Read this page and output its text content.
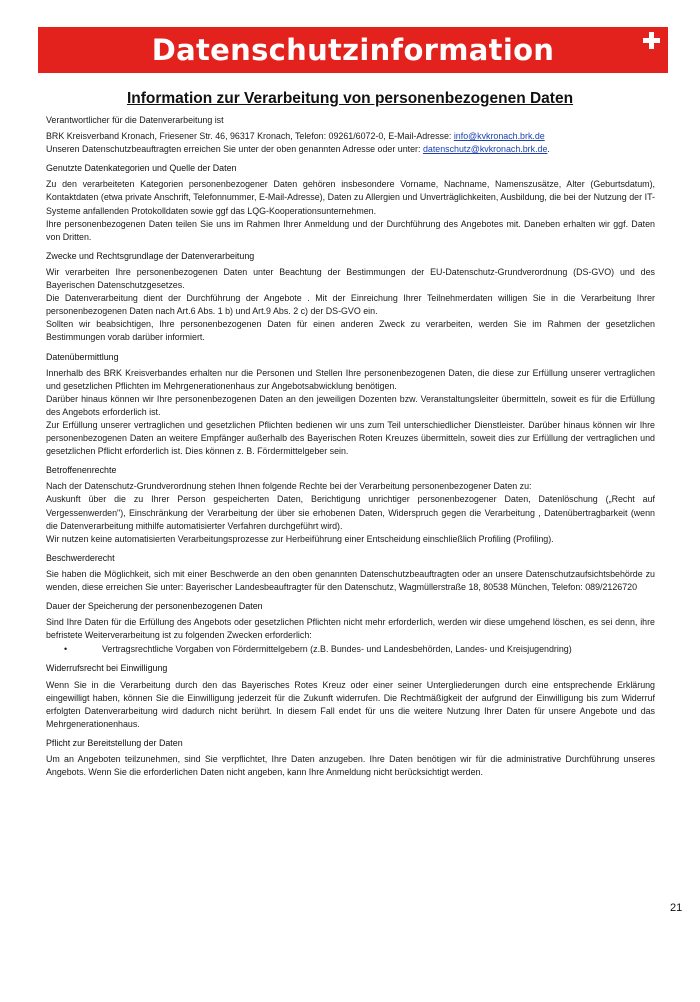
Datenschutzinformation
Information zur Verarbeitung von personenbezogenen Daten

Verantwortlicher für die Datenverarbeitung ist

BRK Kreisverband Kronach, Friesener Str. 46, 96317 Kronach, Telefon: 09261/6072-0, E-Mail-Adresse: info@kvkronach.brk.de

Unseren Datenschutzbeauftragten erreichen Sie unter der oben genannten Adresse oder unter: datenschutz@kvkronach.brk.de.

Genutzte Datenkategorien und Quelle der Daten

Zu den verarbeiteten Kategorien personenbezogener Daten gehören insbesondere Vorname, Nachname, Namenszusätze, Alter (Geburtsdatum), Kontaktdaten (etwa private Anschrift, Telefonnummer, E-Mail-Adresse), Daten zu Allergien und Unverträglichkeiten, Ausbildung, die bei der Nutzung der IT-Systeme anfallenden Protokolldaten sowie ggf das LQG-Kooperationsunternehmen.

Ihre personenbezogenen Daten teilen Sie uns im Rahmen Ihrer Anmeldung und der Durchführung des Angebotes mit. Daneben erhalten wir ggf. Daten von Dritten.

Zwecke und Rechtsgrundlage der Datenverarbeitung

Wir verarbeiten Ihre personenbezogenen Daten unter Beachtung der Bestimmungen der EU-Datenschutz-Grundverordnung (DS-GVO) und des Bayerischen Datenschutzgesetzes.

Die Datenverarbeitung dient der Durchführung der Angebote . Mit der Einreichung Ihrer Teilnehmerdaten willigen Sie in die Verarbeitung Ihrer personenbezogenen Daten nach Art.6 Abs. 1 b) und Art.9 Abs. 2 c) der DS-GVO ein.

Sollten wir beabsichtigen, Ihre personenbezogenen Daten für einen anderen Zweck zu verarbeiten, werden Sie im Rahmen der gesetzlichen Bestimmungen vorab darüber informiert.

Datenübermittlung

Innerhalb des BRK Kreisverbandes erhalten nur die Personen und Stellen Ihre personenbezogenen Daten, die diese zur Erfüllung unserer vertraglichen und gesetzlichen Pflichten im Mehrgenerationenhaus zur Angebotsabwicklung benötigen.

Darüber hinaus können wir Ihre personenbezogenen Daten an den jeweiligen Dozenten bzw. Veranstaltungsleiter übermitteln, soweit es für die Erfüllung des Angebots erforderlich ist.

Zur Erfüllung unserer vertraglichen und gesetzlichen Pflichten bedienen wir uns zum Teil unterschiedlicher Dienstleister. Darüber hinaus können wir Ihre personenbezogenen Daten an weitere Empfänger außerhalb des Bayerischen Roten Kreuzes übermitteln, soweit dies zur Erfüllung der vertraglichen und gesetzlichen Pflicht erforderlich ist. Dies können z. B. Fördermittelgeber sein.

Betroffenenrechte

Nach der Datenschutz-Grundverordnung stehen Ihnen folgende Rechte bei der Verarbeitung personenbezogener Daten zu:

Auskunft über die zu Ihrer Person gespeicherten Daten, Berichtigung unrichtiger personenbezogener Daten, Datenlöschung („Recht auf Vergessenwerden"), Einschränkung der Verarbeitung der über sie erhobenen Daten, Widerspruch gegen die Verarbeitung , Datenübertragbarkeit (wenn die Datenverarbeitung mithilfe automatisierter Verfahren durchgeführt wird).

Wir nutzen keine automatisierten Verarbeitungsprozesse zur Herbeiführung einer Entscheidung einschließlich Profiling (Profiling).

Beschwerderecht

Sie haben die Möglichkeit, sich mit einer Beschwerde an den oben genannten Datenschutzbeauftragten oder an unsere Datenschutzaufsichtsbehörde zu wenden, diese erreichen Sie unter: Bayerischer Landesbeauftragter für den Datenschutz, Wagmüllerstraße 18, 80538 München, Telefon: 089/2126720

Dauer der Speicherung der personenbezogenen Daten

Sind Ihre Daten für die Erfüllung des Angebots oder gesetzlichen Pflichten nicht mehr erforderlich, werden wir diese umgehend löschen, es sei denn, ihre befristete Weiterverarbeitung ist zu folgenden Zwecken erforderlich:

•	Vertragsrechtliche Vorgaben von Fördermittelgebern (z.B. Bundes- und Landesbehörden, Landes- und Kreisjugendring)

Widerrufsrecht bei Einwilligung

Wenn Sie in die Verarbeitung durch den das Bayerisches Rotes Kreuz oder einer seiner Untergliederungen durch eine entsprechende Erklärung eingewilligt haben, können Sie die Einwilligung jederzeit für die Zukunft widerrufen. Die Rechtmäßigkeit der aufgrund der Einwilligung bis zum Widerruf erfolgten Datenverarbeitung wird dadurch nicht berührt. In diesem Fall endet für uns die weitere Nutzung Ihrer Daten für unsere Angebote und das Mehrgenerationenhaus.

Pflicht zur Bereitstellung der Daten

Um an Angeboten teilzunehmen, sind Sie verpflichtet, Ihre Daten anzugeben. Ihre Daten benötigen wir für die administrative Durchführung unseres Angebots. Wenn Sie die erforderlichen Daten nicht angeben, kann Ihre Anmeldung nicht berücksichtigt werden.

21
